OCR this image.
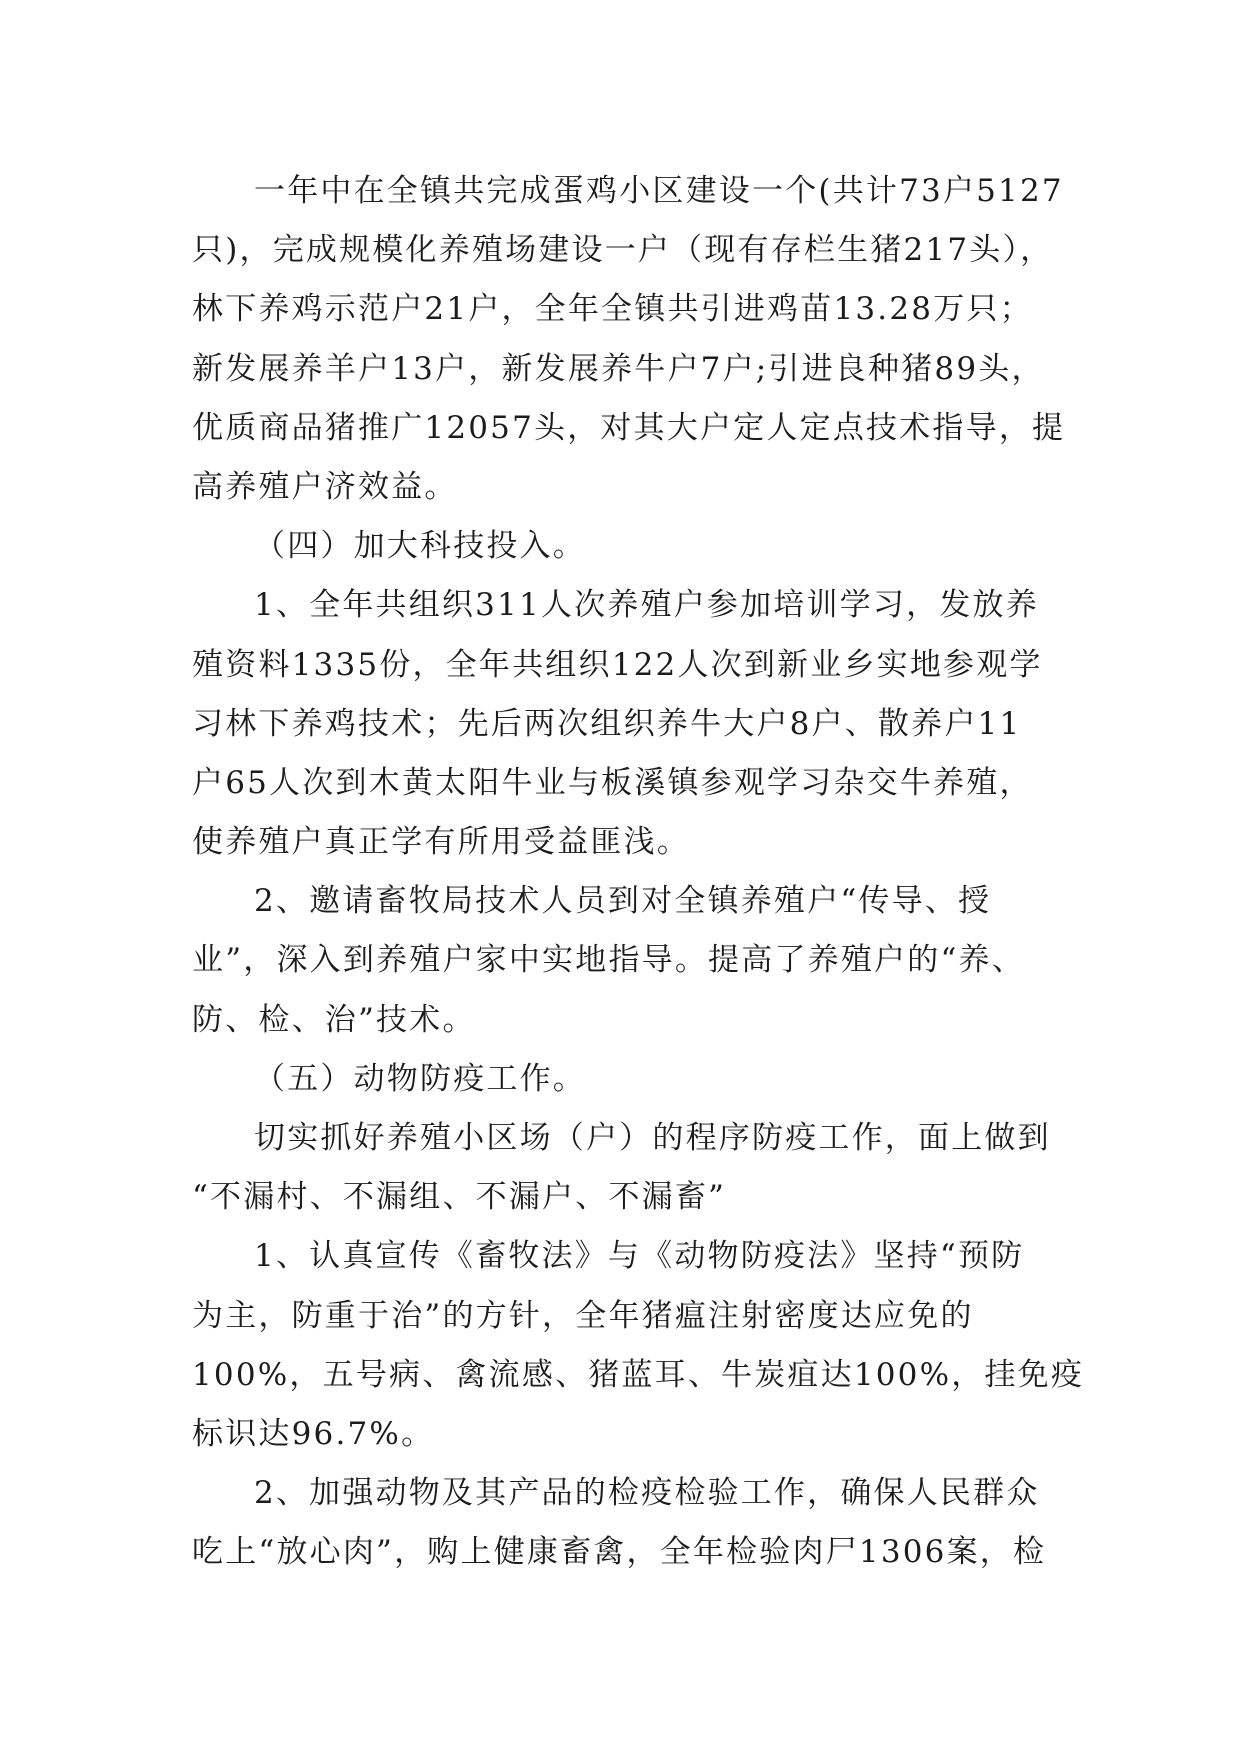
一年中在全镇共完成蛋鸡小区建设一个(共计73户5127
只)，完成规模化养殖场建设一户（现有存栏生猪217头），
林下养鸡示范户21户，全年全镇共引进鸡苗13.28万只；
新发展养羊户13户，新发展养牛户7户;引进良种猪89头，
优质商品猪推广12057头，对其大户定人定点技术指导，提
高养殖户济效益。
（四）加大科技投入。
1、全年共组织311人次养殖户参加培训学习，发放养
殖资料1335份，全年共组织122人次到新业乡实地参观学
习林下养鸡技术；先后两次组织养牛大户8户、散养户11
户65人次到木黄太阳牛业与板溪镇参观学习杂交牛养殖，
使养殖户真正学有所用受益匪浅。
2、邀请畜牧局技术人员到对全镇养殖户“传导、授
业”，深入到养殖户家中实地指导。提高了养殖户的“养、
防、检、治”技术。
（五）动物防疫工作。
切实抓好养殖小区场（户）的程序防疫工作，面上做到
“不漏村、不漏组、不漏户、不漏畜”
1、认真宣传《畜牧法》与《动物防疫法》坚持“预防
为主，防重于治”的方针，全年猪瘟注射密度达应免的
100%，五号病、禽流感、猪蓝耳、牛炭疽达100%，挂免疫
标识达96.7%。
2、加强动物及其产品的检疫检验工作，确保人民群众
吃上“放心肉”，购上健康畜禽，全年检验肉尸1306案，检
